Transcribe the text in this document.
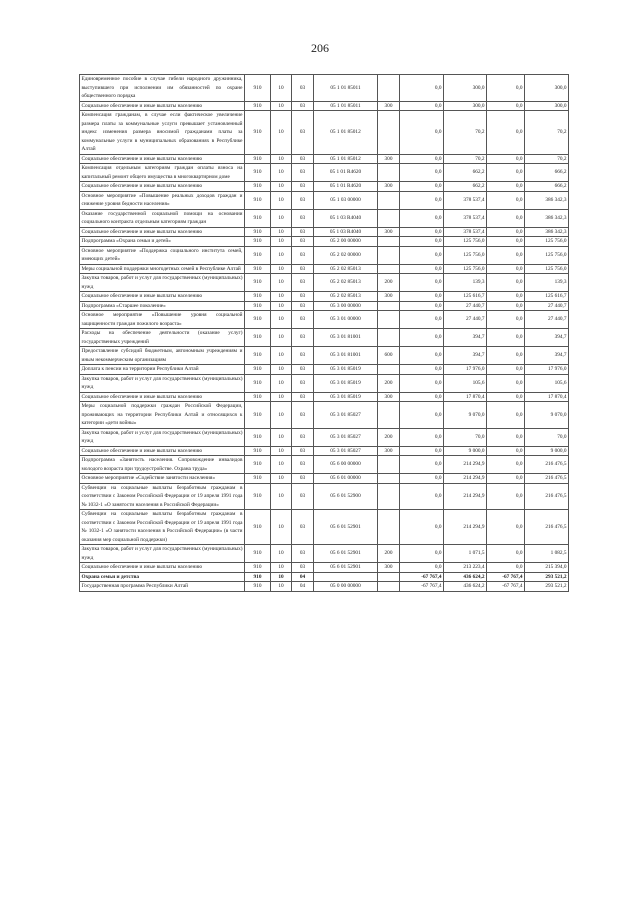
206
Единовременное пособие в случае гибели народного дружинника, выступившего при исполнении им обязанностей по охране общественного порядка	910	10	03	05 1 01 85011		0,0	300,0	0,0	300,0
Социальное обеспечение и иные выплаты населению	910	10	03	05 1 01 85011	300	0,0	300,0	0,0	300,0
Компенсация гражданам, в случае если фактическое увеличение размера платы за коммунальные услуги превышает установленный индекс изменения размера вносимой гражданами платы за коммунальные услуги в муниципальных образованиях в Республике Алтай	910	10	03	05 1 01 85012		0,0	70,2	0,0	70,2
Социальное обеспечение и иные выплаты населению	910	10	03	05 1 01 85012	300	0,0	70,2	0,0	70,2
Компенсация отдельным категориям граждан оплаты взноса на капитальный ремонт общего имущества в многоквартирном доме	910	10	03	05 1 01 R4620		0,0	662,2	0,0	666,2
Социальное обеспечение и иные выплаты населению	910	10	03	05 1 01 R4620	300	0,0	662,2	0,0	666,2
Основное мероприятие «Повышение реальных доходов граждан и снижение уровня бедности населения»	910	10	03	05 1 03 00000		0,0	378 537,4	0,0	386 342,3
Оказание государственной социальной помощи на основании социального контракта отдельным категориям граждан	910	10	03	05 1 03 R4040		0,0	378 537,4	0,0	386 342,3
Социальное обеспечение и иные выплаты населению	910	10	03	05 1 03 R4040	300	0,0	378 537,4	0,0	386 342,3
Подпрограмма «Охрана семьи и детей»	910	10	03	05 2 00 00000		0,0	125 756,0	0,0	125 756,0
Основное мероприятие «Поддержка социального института семей, имеющих детей»	910	10	03	05 2 02 00000		0,0	125 756,0	0,0	125 756,0
Меры социальной поддержки многодетных семей в Республике Алтай	910	10	03	05 2 02 85013		0,0	125 756,0	0,0	125 756,0
Закупка товаров, работ и услуг для государственных (муниципальных) нужд	910	10	03	05 2 02 85013	200	0,0	139,3	0,0	139,3
Социальное обеспечение и иные выплаты населению	910	10	03	05 2 02 85013	300	0,0	125 616,7	0,0	125 616,7
Подпрограмма «Старшее поколение»	910	10	03	05 3 00 00000		0,0	27 440,7	0,0	27 440,7
Основное мероприятие «Повышение уровня социальной защищенности граждан пожилого возраста»	910	10	03	05 3 01 00000		0,0	27 440,7	0,0	27 440,7
Расходы на обеспечение деятельности (оказание услуг) государственных учреждений	910	10	03	05 3 01 81001		0,0	394,7	0,0	394,7
Предоставление субсидий бюджетным, автономным учреждениям и иным некоммерческим организациям	910	10	03	05 3 01 81001	600	0,0	394,7	0,0	394,7
Доплата к пенсии на территории Республики Алтай	910	10	03	05 3 01 85019		0,0	17 976,0	0,0	17 976,0
Закупка товаров, работ и услуг для государственных (муниципальных) нужд	910	10	03	05 3 01 85019	200	0,0	105,6	0,0	105,6
Социальное обеспечение и иные выплаты населению	910	10	03	05 3 01 85019	300	0,0	17 870,4	0,0	17 870,4
Меры социальной поддержки граждан Российской Федерации, проживающих на территории Республики Алтай и относящихся к категории «дети войны»	910	10	03	05 3 01 85027		0,0	9 070,0	0,0	9 070,0
Закупка товаров, работ и услуг для государственных (муниципальных) нужд	910	10	03	05 3 01 85027	200	0,0	70,0	0,0	70,0
Социальное обеспечение и иные выплаты населению	910	10	03	05 3 01 85027	300	0,0	9 000,0	0,0	9 000,0
Подпрограмма «Занятость населения. Сопровождение инвалидов молодого возраста при трудоустройстве. Охрана труда»	910	10	03	05 6 00 00000		0,0	214 294,9	0,0	216 476,5
Основное мероприятие «Содействие занятости населения»	910	10	03	05 6 01 00000		0,0	214 294,9	0,0	216 476,5
Субвенции на социальные выплаты безработным гражданам в соответствии с Законом Российской Федерации от 19 апреля 1991 года № 1032-1 «О занятости населения в Российской Федерации»	910	10	03	05 6 01 52900		0,0	214 294,9	0,0	216 476,5
Субвенции на социальные выплаты безработным гражданам в соответствии с Законом Российской Федерации от 19 апреля 1991 года № 1032-1 «О занятости населения в Российской Федерации» (в части оказания мер социальной поддержки)	910	10	03	05 6 01 52901		0,0	214 294,9	0,0	216 476,5
Закупка товаров, работ и услуг для государственных (муниципальных) нужд	910	10	03	05 6 01 52901	200	0,0	1 071,5	0,0	1 082,5
Социальное обеспечение и иные выплаты населению	910	10	03	05 6 01 52901	300	0,0	213 223,4	0,0	215 394,0
Охрана семьи и детства	910	10	04			-67 767,4	436 624,2	-67 767,4	293 521,2
Государственная программа Республики Алтай	910	10	04	05 0 00 00000		-67 767,4	436 624,2	-67 767,4	293 521,2
